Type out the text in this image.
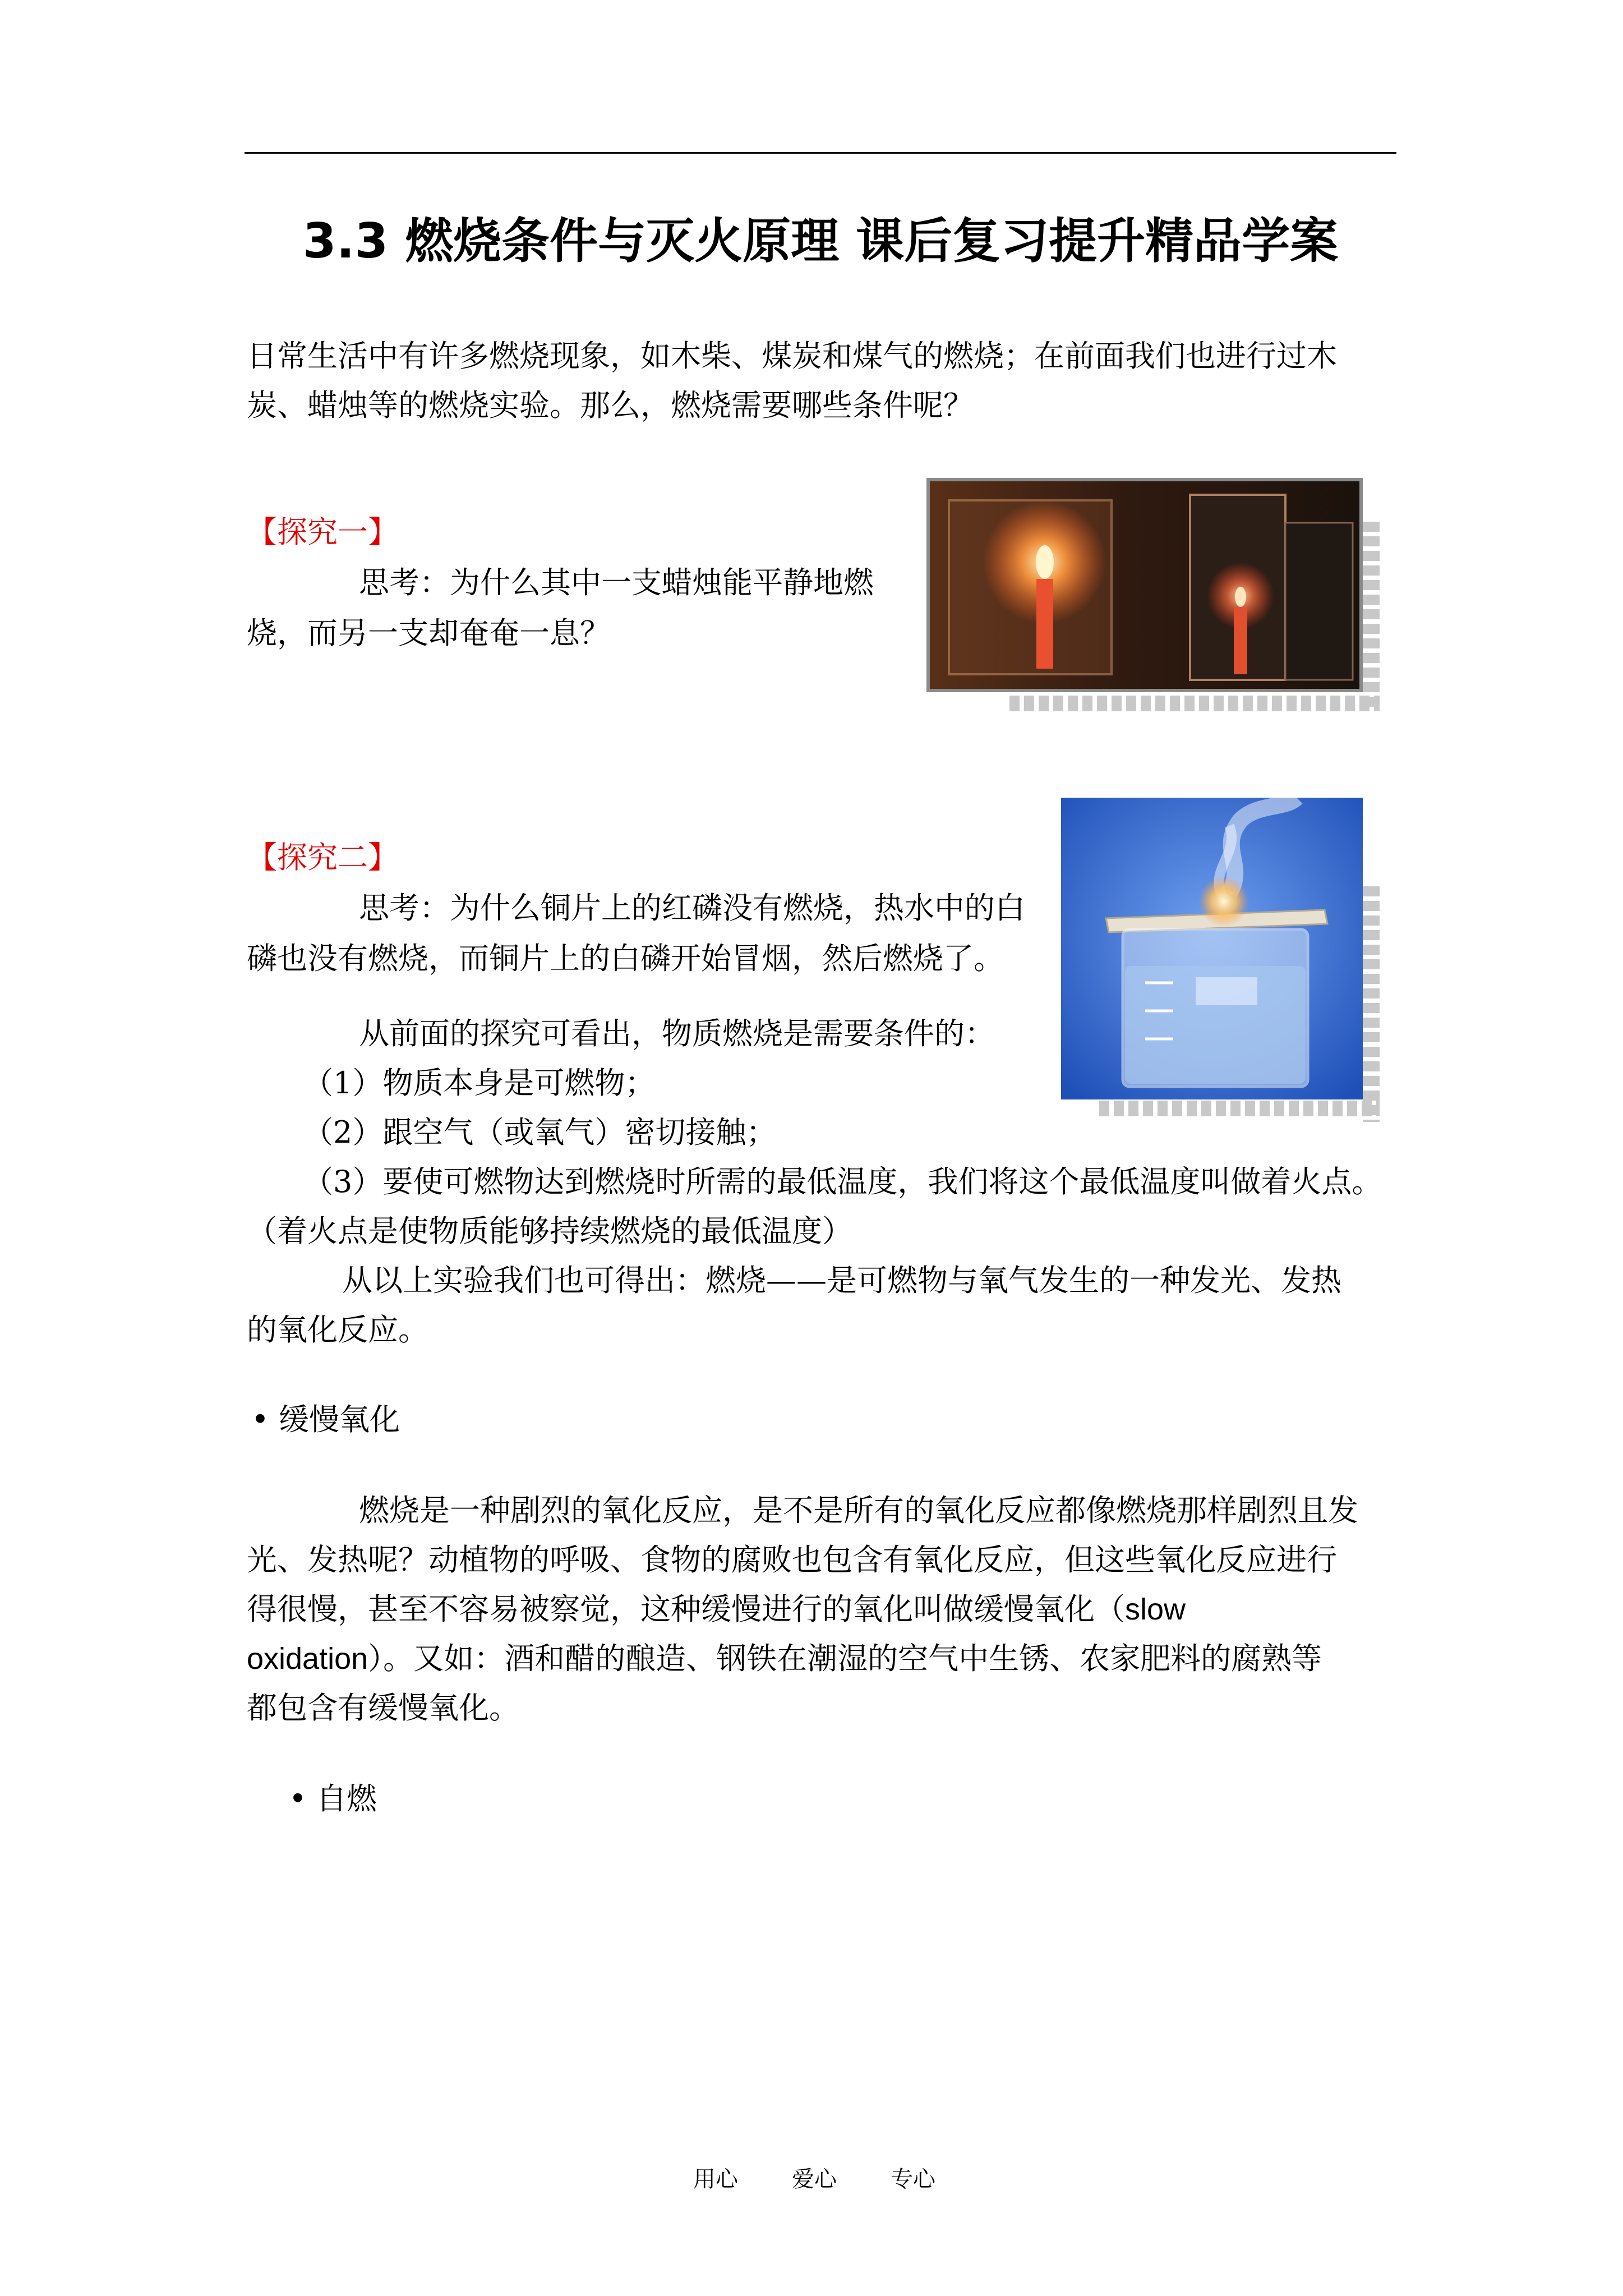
3.3 燃烧条件与灭火原理 课后复习提升精品学案
日常生活中有许多燃烧现象，如木柴、煤炭和煤气的燃烧；在前面我们也进行过木
炭、蜡烛等的燃烧实验。那么，燃烧需要哪些条件呢？
【探究一】
思考：为什么其中一支蜡烛能平静地燃
烧，而另一支却奄奄一息？
【探究二】
思考：为什么铜片上的红磷没有燃烧，热水中的白
磷也没有燃烧，而铜片上的白磷开始冒烟，然后燃烧了。
从前面的探究可看出，物质燃烧是需要条件的：
（1）物质本身是可燃物；
（2）跟空气（或氧气）密切接触；
（3）要使可燃物达到燃烧时所需的最低温度，我们将这个最低温度叫做着火点。
（着火点是使物质能够持续燃烧的最低温度）
从以上实验我们也可得出：燃烧——是可燃物与氧气发生的一种发光、发热
的氧化反应。
• 缓慢氧化
燃烧是一种剧烈的氧化反应，是不是所有的氧化反应都像燃烧那样剧烈且发
光、发热呢？动植物的呼吸、食物的腐败也包含有氧化反应，但这些氧化反应进行
得很慢，甚至不容易被察觉，这种缓慢进行的氧化叫做缓慢氧化（slow
oxidation）。又如：酒和醋的酿造、钢铁在潮湿的空气中生锈、农家肥料的腐熟等
都包含有缓慢氧化。
• 自燃
用心 爱心 专心
